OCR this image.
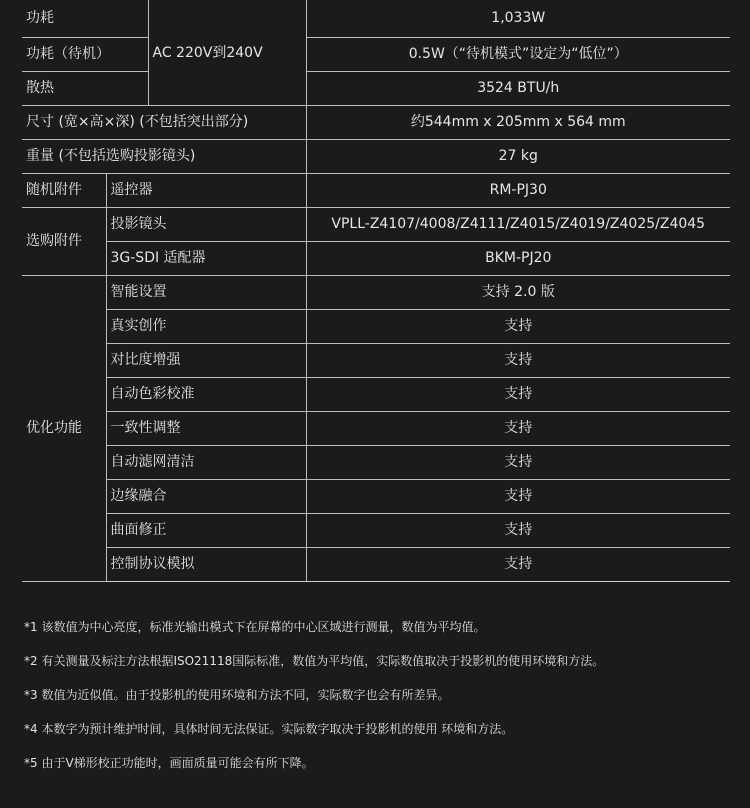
功耗		AC 220V到240V	1,033W
功耗（待机）			0.5W（“待机模式”设定为“低位”）
散热			3524 BTU/h
尺寸 (宽×高×深) (不包括突出部分)			约544mm x 205mm x 564 mm
重量 (不包括选购投影镜头)			27 kg
随机附件	遥控器		RM-PJ30
选购附件	投影镜头		VPLL-Z4107/4008/Z4111/Z4015/Z4019/Z4025/Z4045
	3G-SDI 适配器		BKM-PJ20
优化功能	智能设置		支持 2.0 版
	真实创作		支持
	对比度增强		支持
	自动色彩校准		支持
	一致性调整		支持
	自动滤网清洁		支持
	边缘融合		支持
	曲面修正		支持
	控制协议模拟		支持
*1 该数值为中心亮度，标准光输出模式下在屏幕的中心区域进行测量，数值为平均值。
*2 有关测量及标注方法根据ISO21118国际标准，数值为平均值，实际数值取决于投影机的使用环境和方法。
*3 数值为近似值。由于投影机的使用环境和方法不同，实际数字也会有所差异。
*4 本数字为预计维护时间，具体时间无法保证。实际数字取决于投影机的使用 环境和方法。
*5 由于V梯形校正功能时，画面质量可能会有所下降。
